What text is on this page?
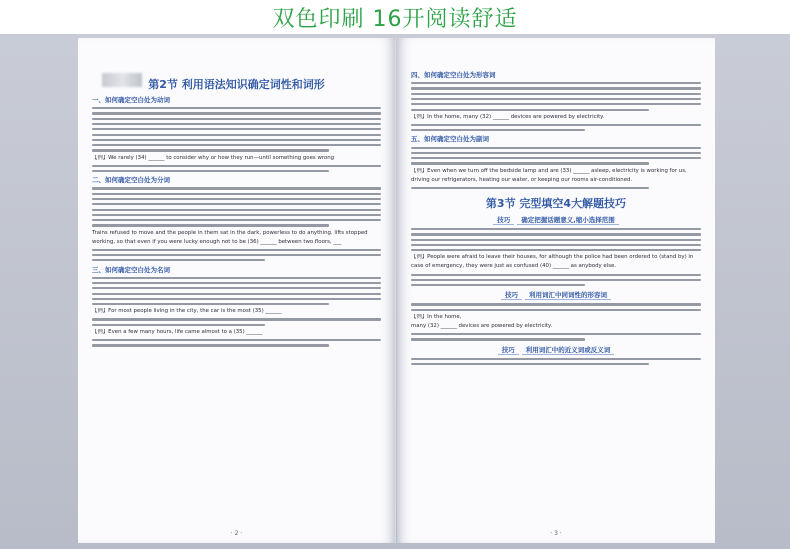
双色印刷 16开阅读舒适
第2节 利用语法知识确定词性和词形
一、如何确定空白处为动词
【例】We rarely (34) ______ to consider why or how they run—until something goes wrong
二、如何确定空白处为分词
Trains refused to move and the people in them sat in the dark, powerless to do anything. lifts stopped
working, so that even if you were lucky enough not to be (36) ______ between two floors, ___
三、如何确定空白处为名词
【例】For most people living in the city, the car is the most (35) ______
【例】Even a few many hours, life came almost to a (35) ______
· 2 ·
四、如何确定空白处为形容词
【例】In the home, many (32) ______ devices are powered by electricity.
五、如何确定空白处为副词
【例】Even when we turn off the bedside lamp and are (33) ______ asleep, electricity is working for us,
driving our refrigerators, heating our water, or keeping our rooms air-conditioned.
第3节 完型填空4大解题技巧
技巧	确定把握话题意义,缩小选择范围
【例】People were afraid to leave their houses, for although the police had been ordered to (stand by) in
case of emergency, they were just as confused (40) ______ as anybody else.
技巧	利用词汇中同词性的形容词
【例】In the home,
many (32) ______ devices are powered by electricity.
技巧	利用词汇中的近义词或反义词
· 3 ·
